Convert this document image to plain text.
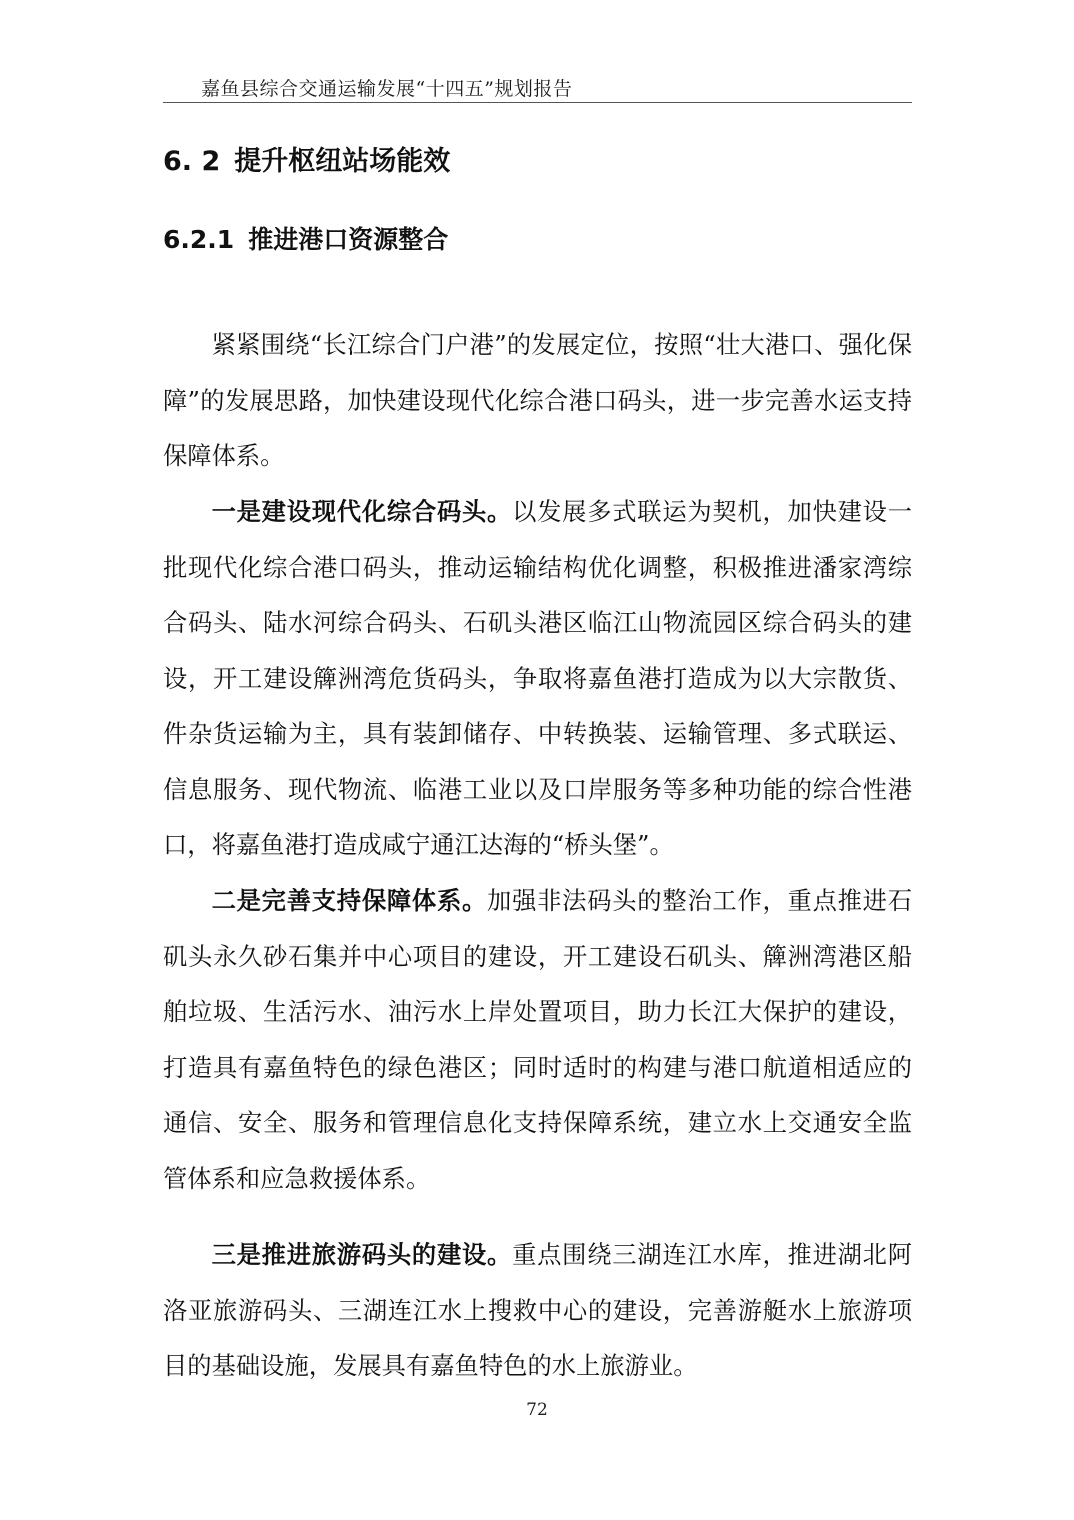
嘉鱼县综合交通运输发展“十四五”规划报告
6. 2 提升枢纽站场能效
6.2.1 推进港口资源整合

紧紧围绕“长江综合门户港”的发展定位，按照“壮大港口、强化保障”的发展思路，加快建设现代化综合港口码头，进一步完善水运支持保障体系。

一是建设现代化综合码头。以发展多式联运为契机，加快建设一批现代化综合港口码头，推动运输结构优化调整，积极推进潘家湾综合码头、陆水河综合码头、石矶头港区临江山物流园区综合码头的建设，开工建设簰洲湾危货码头，争取将嘉鱼港打造成为以大宗散货、件杂货运输为主，具有装卸储存、中转换装、运输管理、多式联运、信息服务、现代物流、临港工业以及口岸服务等多种功能的综合性港口，将嘉鱼港打造成咸宁通江达海的“桥头堡”。

二是完善支持保障体系。加强非法码头的整治工作，重点推进石矶头永久砂石集并中心项目的建设，开工建设石矶头、簰洲湾港区船舶垃圾、生活污水、油污水上岸处置项目，助力长江大保护的建设，打造具有嘉鱼特色的绿色港区；同时适时的构建与港口航道相适应的通信、安全、服务和管理信息化支持保障系统，建立水上交通安全监管体系和应急救援体系。

三是推进旅游码头的建设。重点围绕三湖连江水库，推进湖北阿洛亚旅游码头、三湖连江水上搜救中心的建设，完善游艇水上旅游项目的基础设施，发展具有嘉鱼特色的水上旅游业。

72
